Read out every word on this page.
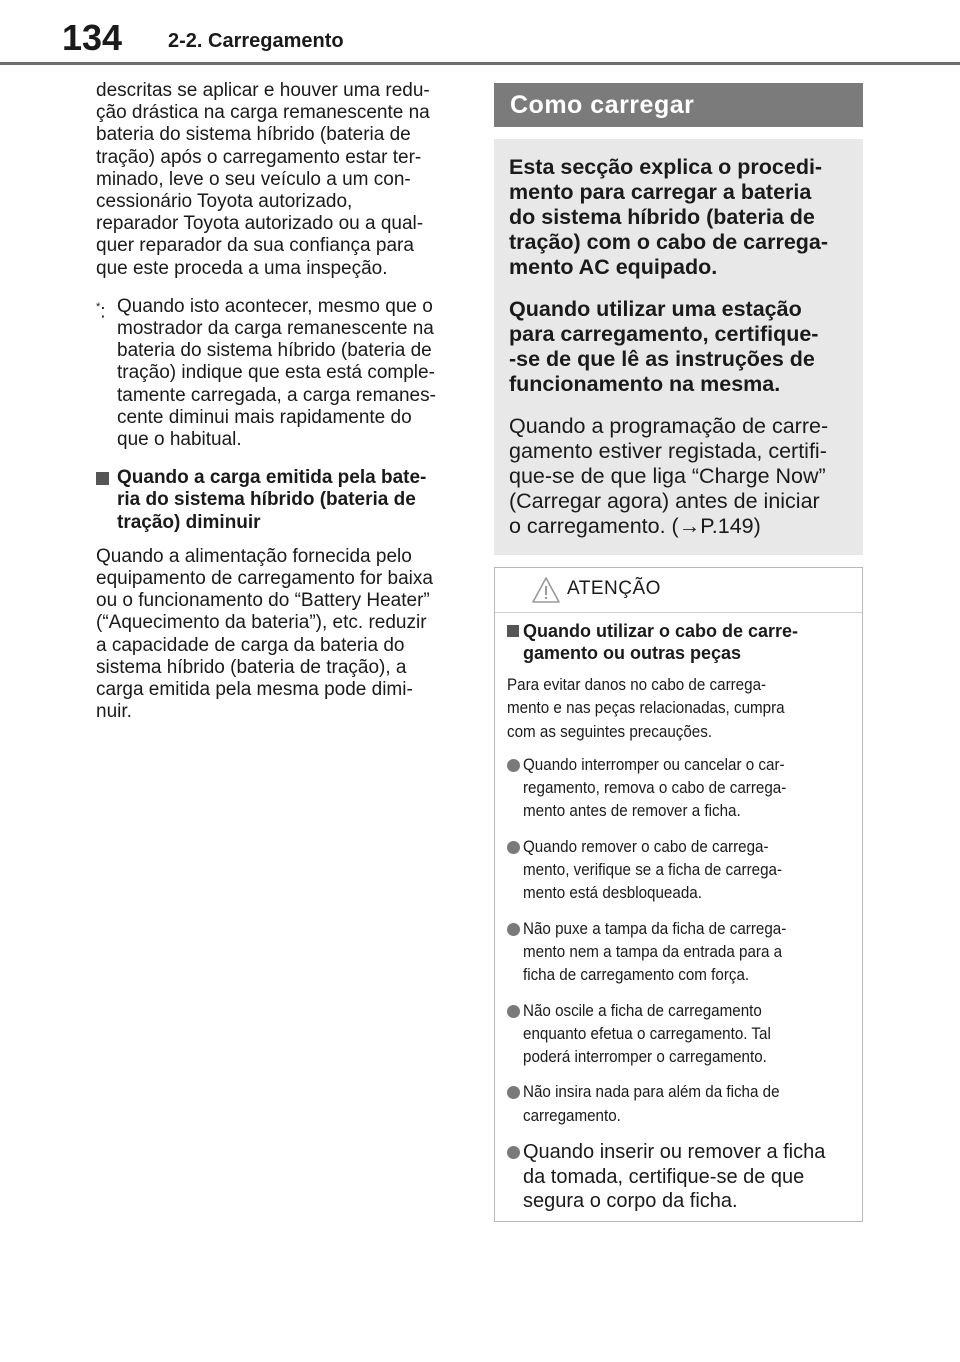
134 2-2. Carregamento
descritas se aplicar e houver uma redu-
ção drástica na carga remanescente na
bateria do sistema híbrido (bateria de
tração) após o carregamento estar ter-
minado, leve o seu veículo a um con-
cessionário Toyota autorizado,
reparador Toyota autorizado ou a qual-
quer reparador da sua confiança para
que este proceda a uma inspeção.
*: Quando isto acontecer, mesmo que o
mostrador da carga remanescente na
bateria do sistema híbrido (bateria de
tração) indique que esta está comple-
tamente carregada, a carga remanes-
cente diminui mais rapidamente do
que o habitual.
Quando a carga emitida pela bate-
ria do sistema híbrido (bateria de
tração) diminuir
Quando a alimentação fornecida pelo
equipamento de carregamento for baixa
ou o funcionamento do “Battery Heater”
(“Aquecimento da bateria”), etc. reduzir
a capacidade de carga da bateria do
sistema híbrido (bateria de tração), a
carga emitida pela mesma pode dimi-
nuir.
Como carregar
Esta secção explica o procedi-
mento para carregar a bateria
do sistema híbrido (bateria de
tração) com o cabo de carrega-
mento AC equipado.
Quando utilizar uma estação
para carregamento, certifique-
-se de que lê as instruções de
funcionamento na mesma.
Quando a programação de carre-
gamento estiver registada, certifi-
que-se de que liga “Charge Now”
(Carregar agora) antes de iniciar
o carregamento. (→P.149)
ATENÇÃO
Quando utilizar o cabo de carre-
gamento ou outras peças
Para evitar danos no cabo de carrega-
mento e nas peças relacionadas, cumpra
com as seguintes precauções.
Quando interromper ou cancelar o car-
regamento, remova o cabo de carrega-
mento antes de remover a ficha.
Quando remover o cabo de carrega-
mento, verifique se a ficha de carrega-
mento está desbloqueada.
Não puxe a tampa da ficha de carrega-
mento nem a tampa da entrada para a
ficha de carregamento com força.
Não oscile a ficha de carregamento
enquanto efetua o carregamento. Tal
poderá interromper o carregamento.
Não insira nada para além da ficha de
carregamento.
Quando inserir ou remover a ficha
da tomada, certifique-se de que
segura o corpo da ficha.
